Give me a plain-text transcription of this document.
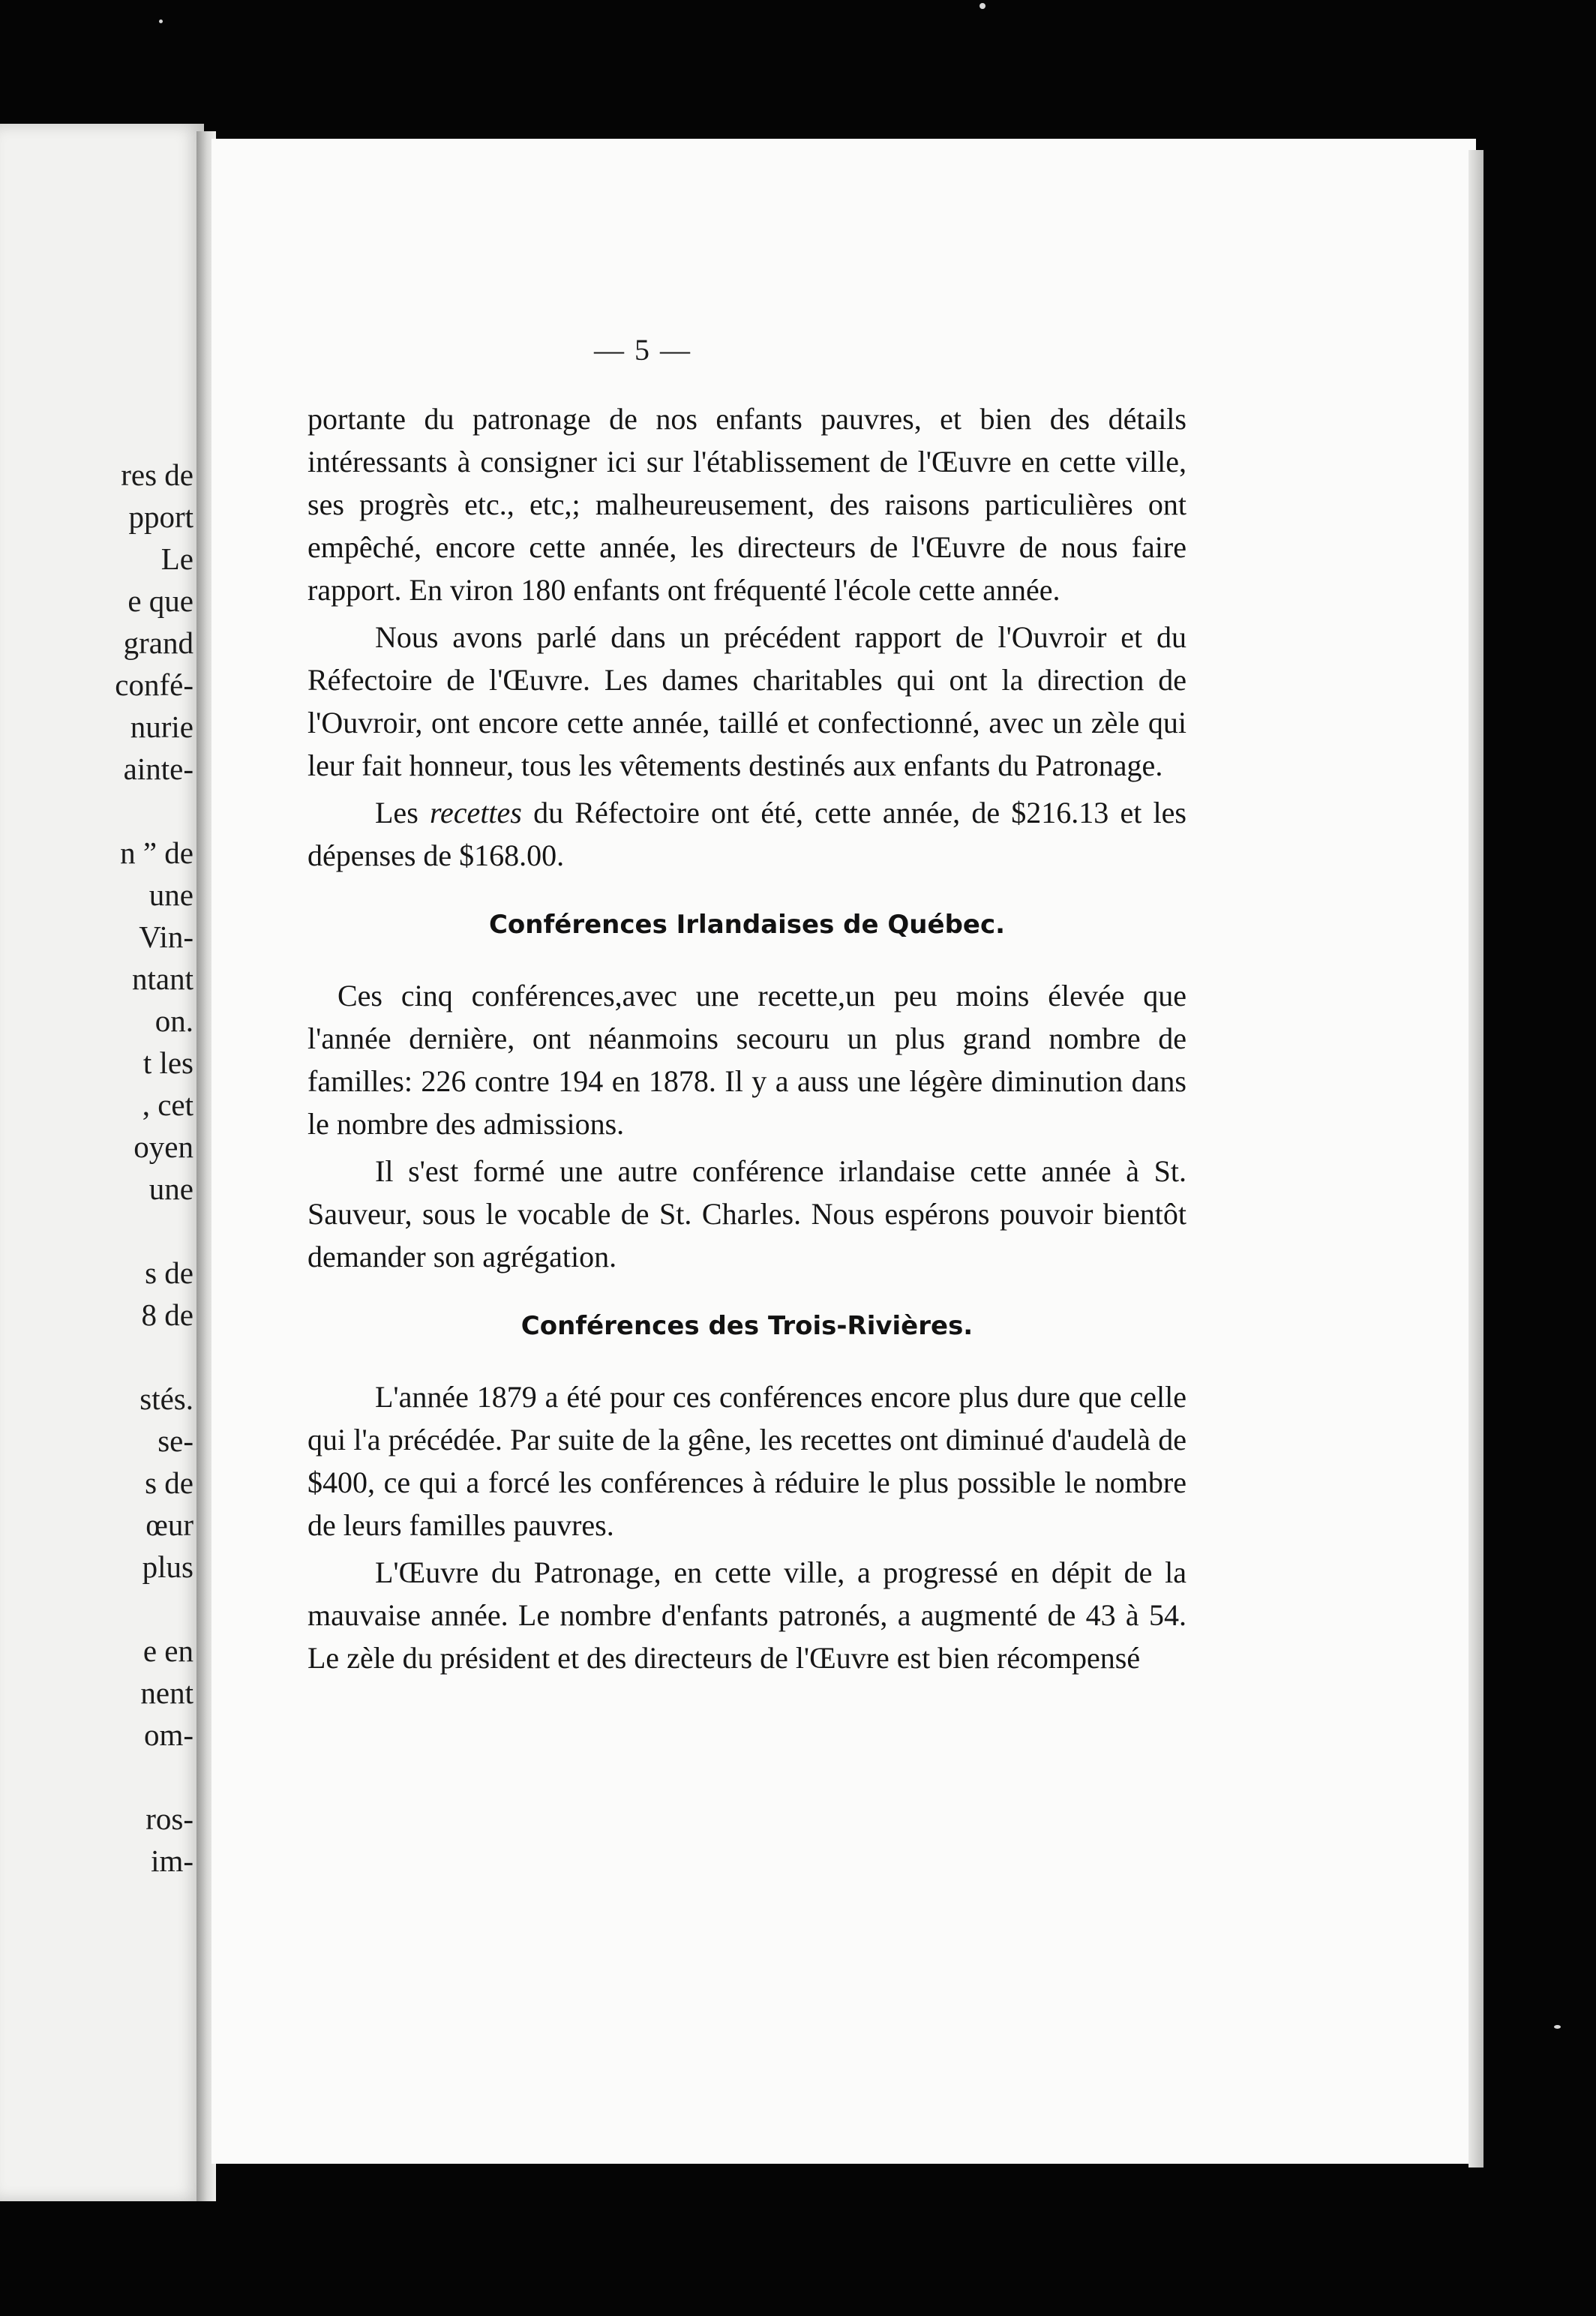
res de
pport
Le
e que
grand
confé-
nurie
ainte-

n ” de
une
Vin-
ntant
on.
t les
, cet
oyen
une

s de
8 de

stés.
se-
s de
œur
plus

e en
nent
om-

ros-
im-
— 5 —

portante du patronage de nos enfants pauvres, et bien des détails intéressants à consigner ici sur l'établissement de l'Œuvre en cette ville, ses progrès etc., etc,; malheureusement, des raisons particulières ont empêché, encore cette année, les directeurs de l'Œuvre de nous faire rapport. En viron 180 enfants ont fréquenté l'école cette année.

Nous avons parlé dans un précédent rapport de l'Ouvroir et du Réfectoire de l'Œuvre. Les dames charitables qui ont la direction de l'Ouvroir, ont encore cette année, taillé et confectionné, avec un zèle qui leur fait honneur, tous les vêtements destinés aux enfants du Patronage.

Les recettes du Réfectoire ont été, cette année, de $216.13 et les dépenses de $168.00.

Conférences Irlandaises de Québec.

Ces cinq conférences,avec une recette,un peu moins élevée que l'année dernière, ont néanmoins secouru un plus grand nombre de familles: 226 contre 194 en 1878. Il y a auss une légère diminution dans le nombre des admissions.

Il s'est formé une autre conférence irlandaise cette année à St. Sauveur, sous le vocable de St. Charles. Nous espérons pouvoir bientôt demander son agrégation.

Conférences des Trois-Rivières.

L'année 1879 a été pour ces conférences encore plus dure que celle qui l'a précédée. Par suite de la gêne, les recettes ont diminué d'audelà de $400, ce qui a forcé les conférences à réduire le plus possible le nombre de leurs familles pauvres.

L'Œuvre du Patronage, en cette ville, a progressé en dépit de la mauvaise année. Le nombre d'enfants patronés, a augmenté de 43 à 54. Le zèle du président et des directeurs de l'Œuvre est bien récompensé
